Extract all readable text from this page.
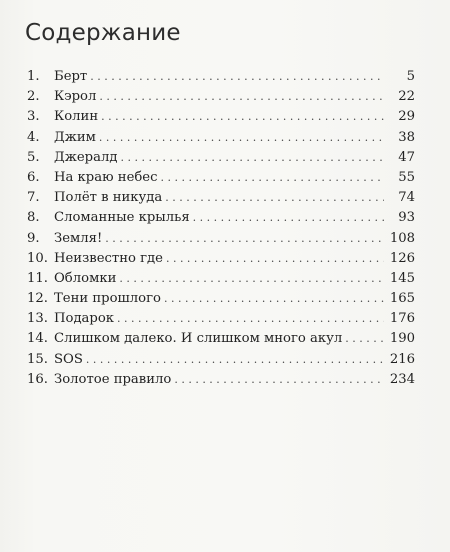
Содержание
1.	Берт . . .	5
2.	Кэрол . . .	22
3.	Колин . . .	29
4.	Джим . . .	38
5.	Джералд . . .	47
6.	На краю небес . . .	55
7.	Полёт в никуда . . .	74
8.	Сломанные крылья . . .	93
9.	Земля! . . .	108
10. Неизвестно где . . .	126
11. Обломки . . .	145
12. Тени прошлого . . .	165
13. Подарок . . .	176
14. Слишком далеко. И слишком много акул . . .	190
15. SOS . . .	216
16. Золотое правило . . .	234
